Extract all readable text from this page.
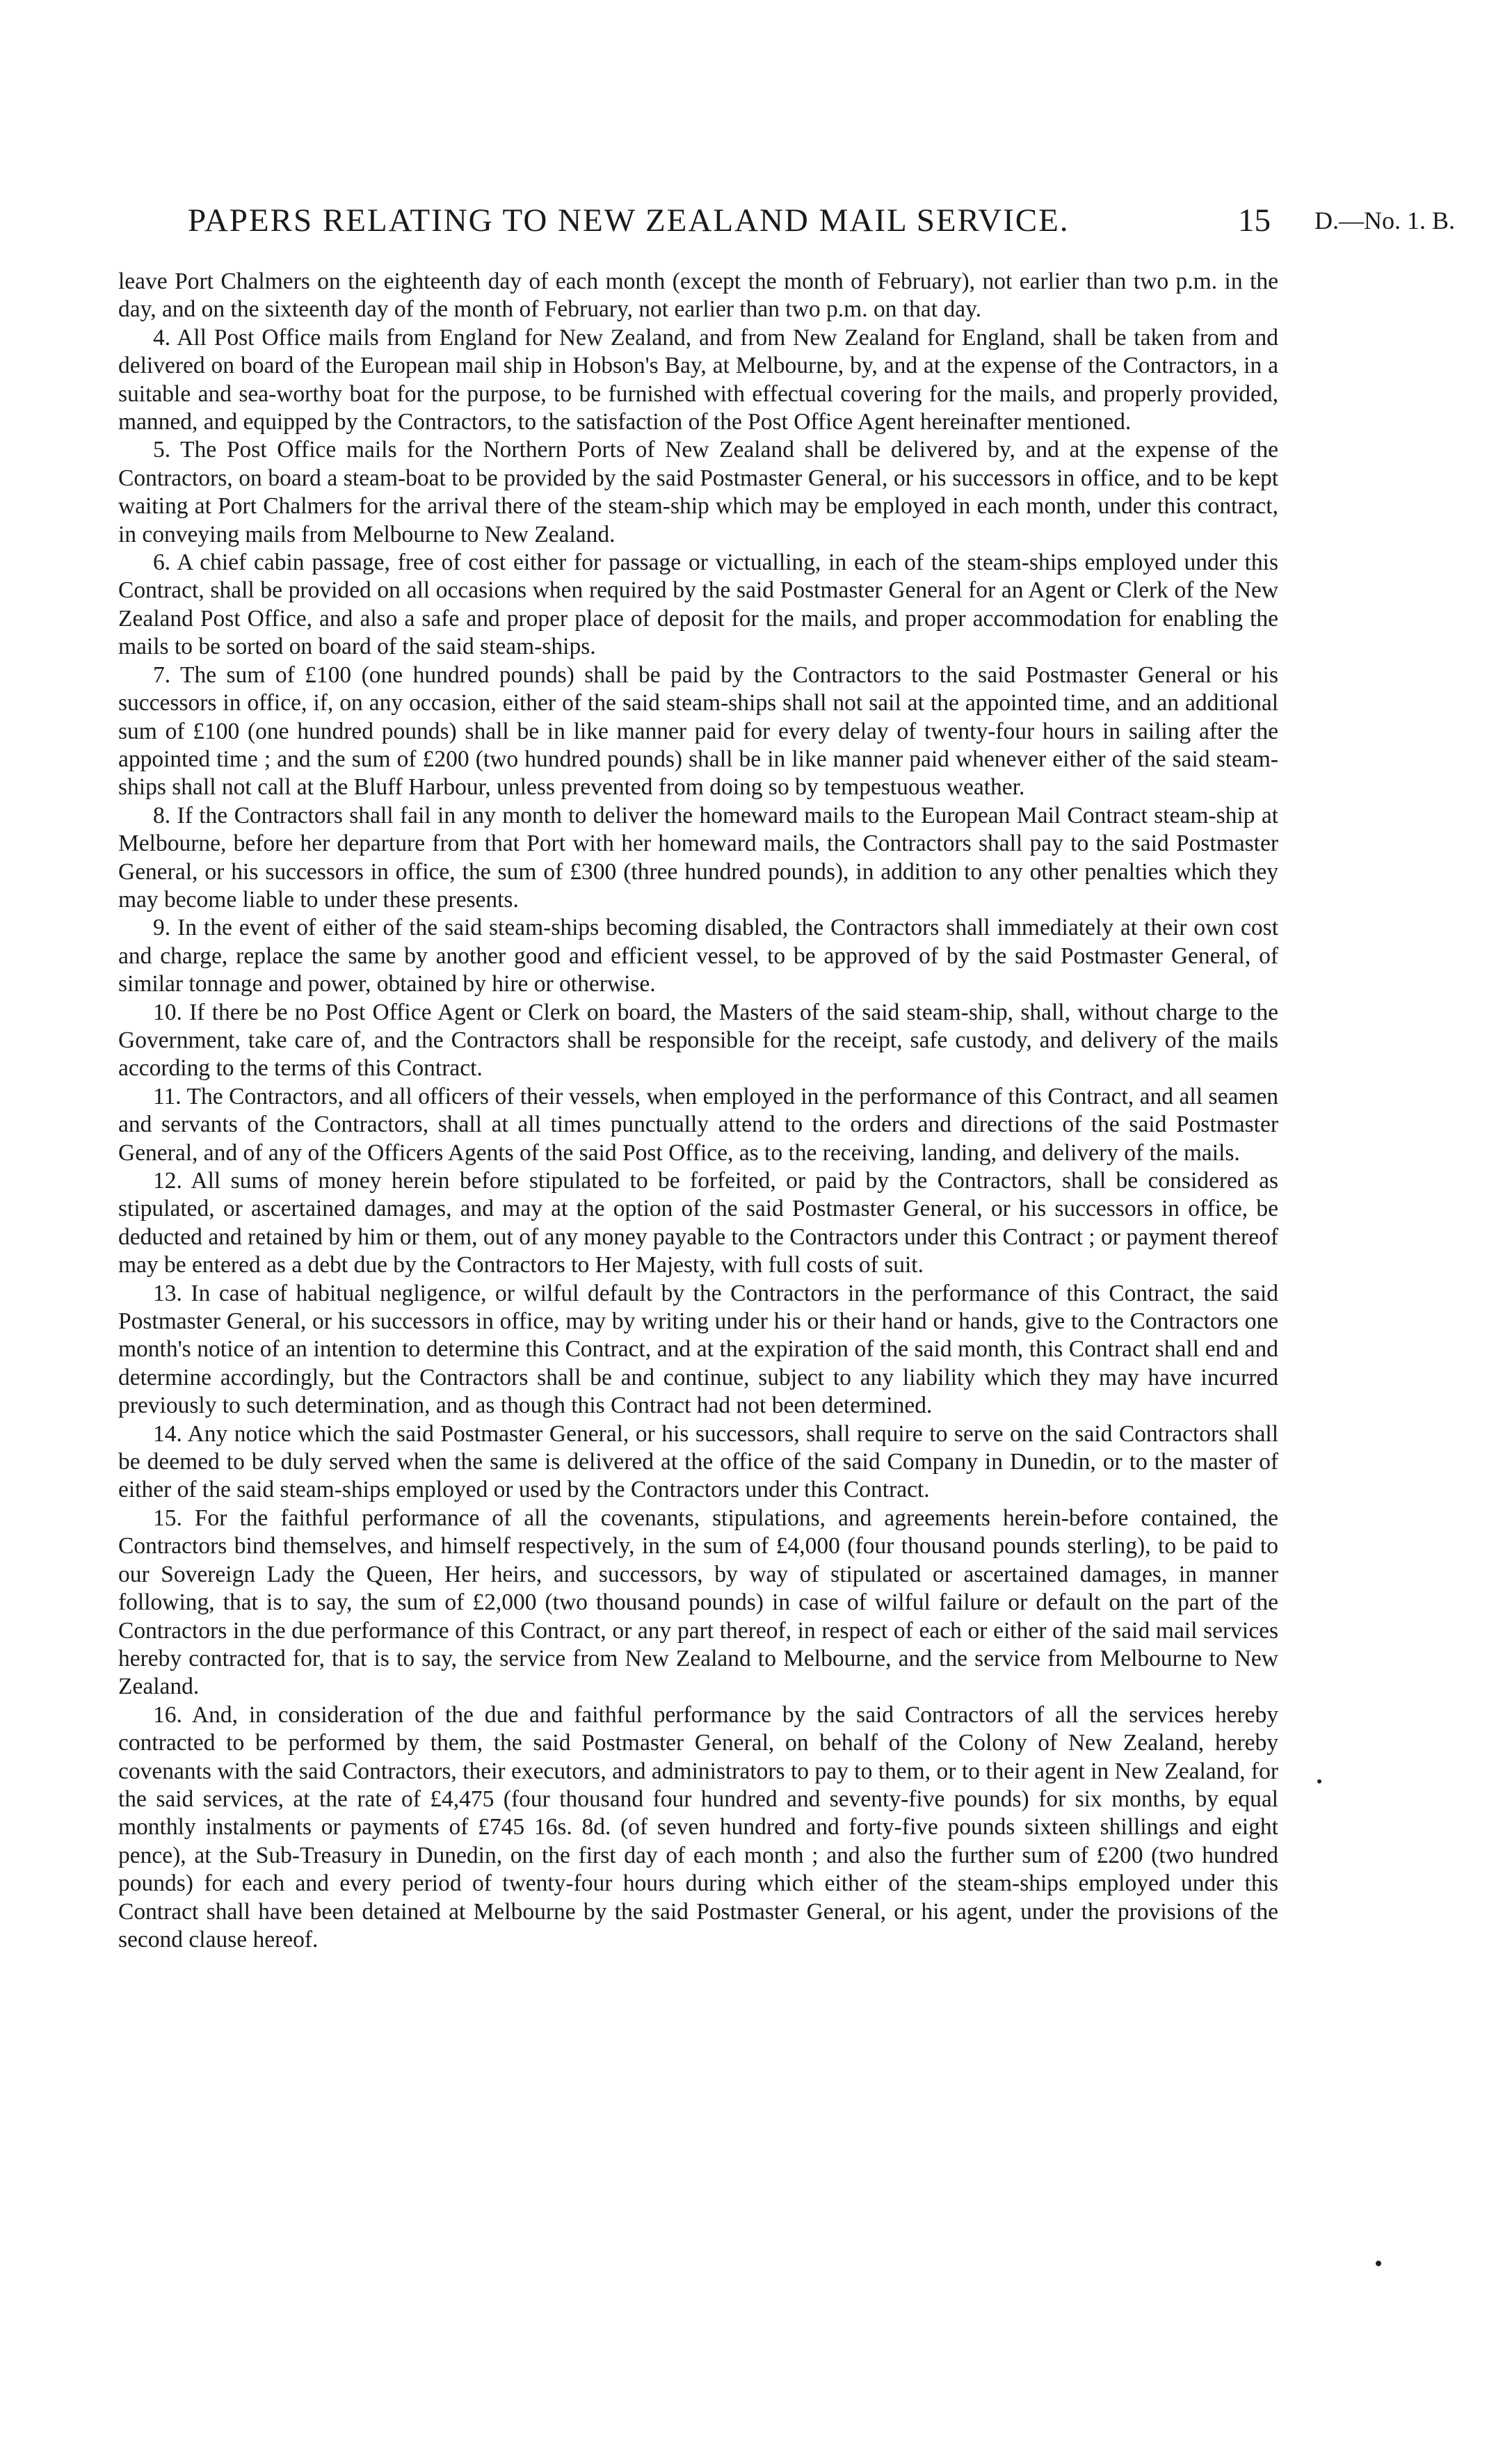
PAPERS RELATING TO NEW ZEALAND MAIL SERVICE.	15 D.—No. 1. B.

leave Port Chalmers on the eighteenth day of each month (except the month of February), not earlier than two p.m. in the day, and on the sixteenth day of the month of February, not earlier than two p.m. on that day.

4. All Post Office mails from England for New Zealand, and from New Zealand for England, shall be taken from and delivered on board of the European mail ship in Hobson's Bay, at Melbourne, by, and at the expense of the Contractors, in a suitable and sea-worthy boat for the purpose, to be furnished with effectual covering for the mails, and properly provided, manned, and equipped by the Contractors, to the satisfaction of the Post Office Agent hereinafter mentioned.

5. The Post Office mails for the Northern Ports of New Zealand shall be delivered by, and at the expense of the Contractors, on board a steam-boat to be provided by the said Postmaster General, or his successors in office, and to be kept waiting at Port Chalmers for the arrival there of the steam-ship which may be employed in each month, under this contract, in conveying mails from Melbourne to New Zealand.

6. A chief cabin passage, free of cost either for passage or victualling, in each of the steam-ships employed under this Contract, shall be provided on all occasions when required by the said Postmaster General for an Agent or Clerk of the New Zealand Post Office, and also a safe and proper place of deposit for the mails, and proper accommodation for enabling the mails to be sorted on board of the said steam-ships.

7. The sum of £100 (one hundred pounds) shall be paid by the Contractors to the said Postmaster General or his successors in office, if, on any occasion, either of the said steam-ships shall not sail at the appointed time, and an additional sum of £100 (one hundred pounds) shall be in like manner paid for every delay of twenty-four hours in sailing after the appointed time ; and the sum of £200 (two hundred pounds) shall be in like manner paid whenever either of the said steam-ships shall not call at the Bluff Harbour, unless prevented from doing so by tempestuous weather.

8. If the Contractors shall fail in any month to deliver the homeward mails to the European Mail Contract steam-ship at Melbourne, before her departure from that Port with her homeward mails, the Contractors shall pay to the said Postmaster General, or his successors in office, the sum of £300 (three hundred pounds), in addition to any other penalties which they may become liable to under these presents.

9. In the event of either of the said steam-ships becoming disabled, the Contractors shall immediately at their own cost and charge, replace the same by another good and efficient vessel, to be approved of by the said Postmaster General, of similar tonnage and power, obtained by hire or otherwise.

10. If there be no Post Office Agent or Clerk on board, the Masters of the said steam-ship, shall, without charge to the Government, take care of, and the Contractors shall be responsible for the receipt, safe custody, and delivery of the mails according to the terms of this Contract.

11. The Contractors, and all officers of their vessels, when employed in the performance of this Contract, and all seamen and servants of the Contractors, shall at all times punctually attend to the orders and directions of the said Postmaster General, and of any of the Officers Agents of the said Post Office, as to the receiving, landing, and delivery of the mails.

12. All sums of money herein before stipulated to be forfeited, or paid by the Contractors, shall be considered as stipulated, or ascertained damages, and may at the option of the said Postmaster General, or his successors in office, be deducted and retained by him or them, out of any money payable to the Contractors under this Contract ; or payment thereof may be entered as a debt due by the Contractors to Her Majesty, with full costs of suit.

13. In case of habitual negligence, or wilful default by the Contractors in the performance of this Contract, the said Postmaster General, or his successors in office, may by writing under his or their hand or hands, give to the Contractors one month's notice of an intention to determine this Contract, and at the expiration of the said month, this Contract shall end and determine accordingly, but the Contractors shall be and continue, subject to any liability which they may have incurred previously to such determination, and as though this Contract had not been determined.

14. Any notice which the said Postmaster General, or his successors, shall require to serve on the said Contractors shall be deemed to be duly served when the same is delivered at the office of the said Company in Dunedin, or to the master of either of the said steam-ships employed or used by the Contractors under this Contract.

15. For the faithful performance of all the covenants, stipulations, and agreements herein-before contained, the Contractors bind themselves, and himself respectively, in the sum of £4,000 (four thousand pounds sterling), to be paid to our Sovereign Lady the Queen, Her heirs, and successors, by way of stipulated or ascertained damages, in manner following, that is to say, the sum of £2,000 (two thousand pounds) in case of wilful failure or default on the part of the Contractors in the due performance of this Contract, or any part thereof, in respect of each or either of the said mail services hereby contracted for, that is to say, the service from New Zealand to Melbourne, and the service from Melbourne to New Zealand.

16. And, in consideration of the due and faithful performance by the said Contractors of all the services hereby contracted to be performed by them, the said Postmaster General, on behalf of the Colony of New Zealand, hereby covenants with the said Contractors, their executors, and administrators to pay to them, or to their agent in New Zealand, for the said services, at the rate of £4,475 (four thousand four hundred and seventy-five pounds) for six months, by equal monthly instalments or payments of £745 16s. 8d. (of seven hundred and forty-five pounds sixteen shillings and eight pence), at the Sub-Treasury in Dunedin, on the first day of each month ; and also the further sum of £200 (two hundred pounds) for each and every period of twenty-four hours during which either of the steam-ships employed under this Contract shall have been detained at Melbourne by the said Postmaster General, or his agent, under the provisions of the second clause hereof.
